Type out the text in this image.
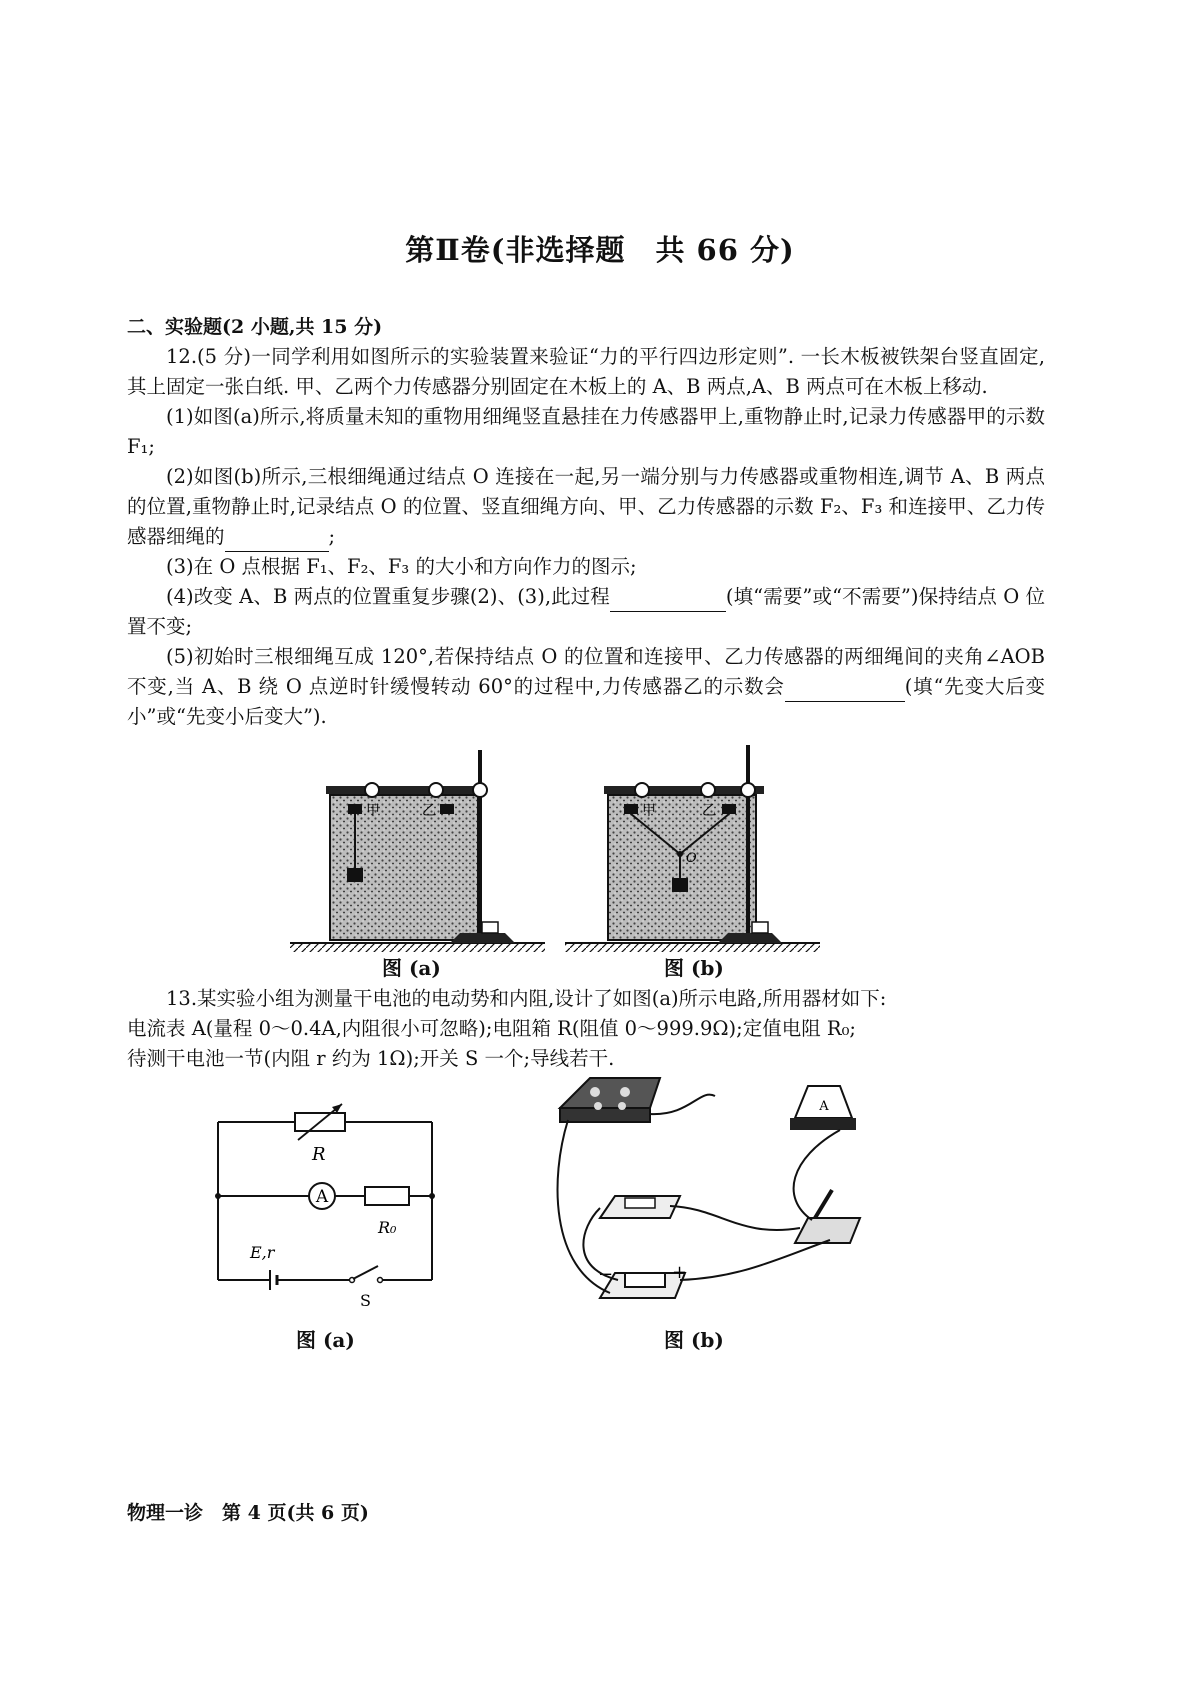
第Ⅱ卷(非选择题　共 66 分)
二、实验题(2 小题,共 15 分)

12.(5 分)一同学利用如图所示的实验装置来验证“力的平行四边形定则”. 一长木板被铁架台竖直固定,其上固定一张白纸. 甲、乙两个力传感器分别固定在木板上的 A、B 两点,A、B 两点可在木板上移动.

(1)如图(a)所示,将质量未知的重物用细绳竖直悬挂在力传感器甲上,重物静止时,记录力传感器甲的示数 F₁;

(2)如图(b)所示,三根细绳通过结点 O 连接在一起,另一端分别与力传感器或重物相连,调节 A、B 两点的位置,重物静止时,记录结点 O 的位置、竖直细绳方向、甲、乙力传感器的示数 F₂、F₃ 和连接甲、乙力传感器细绳的	;

(3)在 O 点根据 F₁、F₂、F₃ 的大小和方向作力的图示;

(4)改变 A、B 两点的位置重复步骤(2)、(3),此过程	(填“需要”或“不需要”)保持结点 O 位置不变;

(5)初始时三根细绳互成 120°,若保持结点 O 的位置和连接甲、乙力传感器的两细绳间的夹角∠AOB 不变,当 A、B 绕 O 点逆时针缓慢转动 60°的过程中,力传感器乙的示数会	(填“先变大后变小”或“先变小后变大”).

甲	乙	甲	乙
O
图 (a)	图 (b)

13.某实验小组为测量干电池的电动势和内阻,设计了如图(a)所示电路,所用器材如下:

电流表 A(量程 0～0.4A,内阻很小可忽略);电阻箱 R(阻值 0～999.9Ω);定值电阻 R₀;

待测干电池一节(内阻 r 约为 1Ω);开关 S 一个;导线若干.

R
A
R₀
E,r
S
图 (a)
A
−	+
图 (b)
物理一诊　第 4 页(共 6 页)
